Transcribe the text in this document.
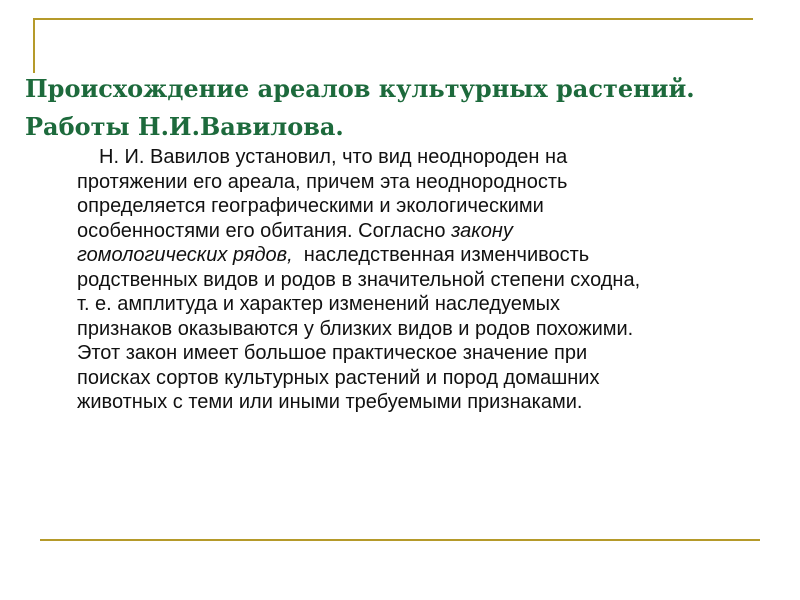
Происхождение ареалов культурных растений.
Работы Н.И.Вавилова.
Н. И. Вавилов установил, что вид неоднороден на
протяжении его ареала, причем эта неоднородность
определяется географическими и экологическими
особенностями его обитания. Согласно закону
гомологических рядов,  наследственная изменчивость
родственных видов и родов в значительной степени сходна,
т. е. амплитуда и характер изменений наследуемых
признаков оказываются у близких видов и родов похожими.
Этот закон имеет большое практическое значение при
поисках сортов культурных растений и пород домашних
животных с теми или иными требуемыми признаками.
